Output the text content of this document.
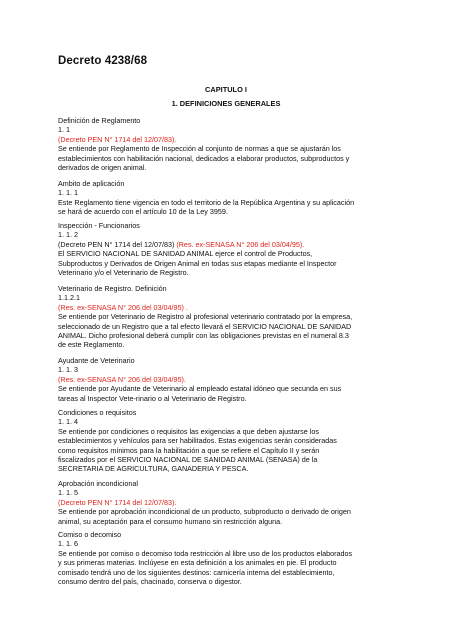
Decreto 4238/68
CAPITULO I
1. DEFINICIONES GENERALES
Definición de Reglamento
1. 1
(Decreto PEN N° 1714 del 12/07/83).
Se entiende por Reglamento de Inspección al conjunto de normas a que se ajustarán los
establecimientos con habilitación nacional, dedicados a elaborar productos, subproductos y
derivados de origen animal.
Ambito de aplicación
1. 1. 1
Este Reglamento tiene vigencia en todo el territorio de la República Argentina y su aplicación
se hará de acuerdo con el artículo 10 de la Ley 3959.
Inspección - Funcionarios
1. 1. 2
(Decreto PEN N° 1714 del 12/07/83) (Res. ex-SENASA N° 206 del 03/04/95).
El SERVICIO NACIONAL DE SANIDAD ANIMAL ejerce el control de Productos,
Subproductos y Derivados de Origen Animal en todas sus etapas mediante el Inspector
Veterinario y/o el Veterinario de Registro.
Veterinario de Registro. Definición
1.1.2.1
(Res. ex-SENASA N° 206 del 03/04/95) .
Se entiende por Veterinario de Registro al profesional veterinario contratado por la empresa,
seleccionado de un Registro que a tal efecto llevará el SERVICIO NACIONAL DE SANIDAD
ANIMAL. Dicho profesional deberá cumplir con las obligaciones previstas en el numeral 8.3
de este Reglamento.
Ayudante de Veterinario
1. 1. 3
(Res. ex-SENASA N° 206 del 03/04/95).
Se entiende por Ayudante de Veterinario al empleado estatal idóneo que secunda en sus
tareas al Inspector Vete-rinario o al Veterinario de Registro.
Condiciones o requisitos
1. 1. 4
Se entiende por condiciones o requisitos las exigencias a que deben ajustarse los
establecimientos y vehículos para ser habilitados. Estas exigencias serán consideradas
como requisitos mínimos para la habilitación a que se refiere el Capítulo II y serán
fiscalizados por el SERVICIO NACIONAL DE SANIDAD ANIMAL (SENASA) de la
SECRETARIA DE AGRICULTURA, GANADERIA Y PESCA.
Aprobación incondicional
1. 1. 5
(Decreto PEN N° 1714 del 12/07/83).
Se entiende por aprobación incondicional de un producto, subproducto o derivado de origen
animal, su aceptación para el consumo humano sin restricción alguna.
Comiso o decomiso
1. 1. 6
Se entiende por comiso o decomiso toda restricción al libre uso de los productos elaborados
y sus primeras materias. Inclúyese en esta definición a los animales en pie. El producto
comisado tendrá uno de los siguientes destinos: carnicería interna del establecimiento,
consumo dentro del país, chacinado, conserva o digestor.
